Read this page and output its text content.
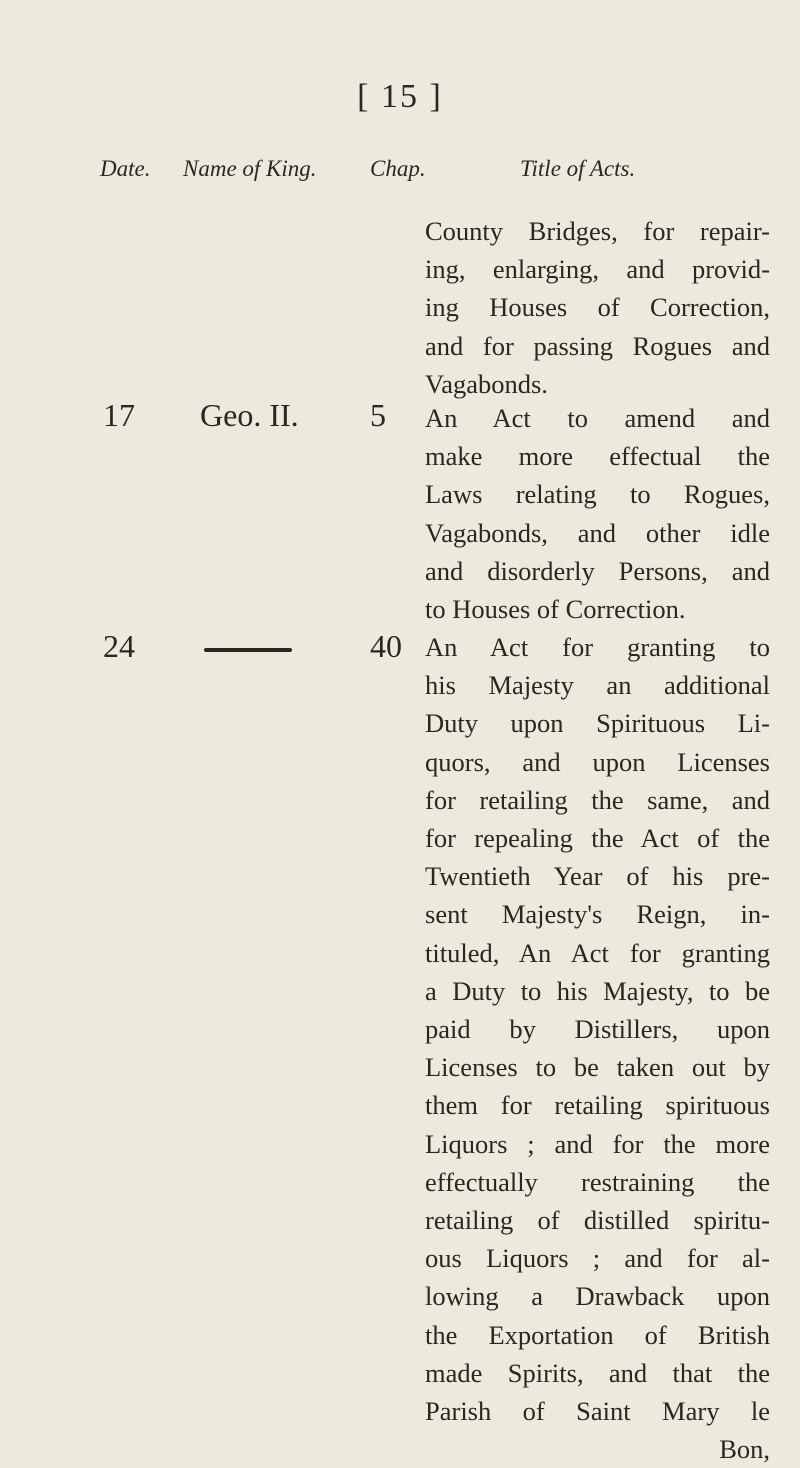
[ 15 ]
Date. Name of King. Chap.	Title of Acts.
County Bridges, for repair-
ing, enlarging, and provid-
ing Houses of Correction,
and for passing Rogues and
Vagabonds.
17 Geo. II. 5 An Act to amend and
make more effectual the
Laws relating to Rogues,
Vagabonds, and other idle
and disorderly Persons, and
to Houses of Correction.
24	40 An Act for granting to
his Majesty an additional
Duty upon Spirituous Li-
quors, and upon Licenses
for retailing the same, and
for repealing the Act of the
Twentieth Year of his pre-
sent Majesty's Reign, in-
tituled, An Act for granting
a Duty to his Majesty, to be
paid by Distillers, upon
Licenses to be taken out by
them for retailing spirituous
Liquors ; and for the more
effectually restraining the
retailing of distilled spiritu-
ous Liquors ; and for al-
lowing a Drawback upon
the Exportation of British
made Spirits, and that the
Parish of Saint Mary le
Bon,
